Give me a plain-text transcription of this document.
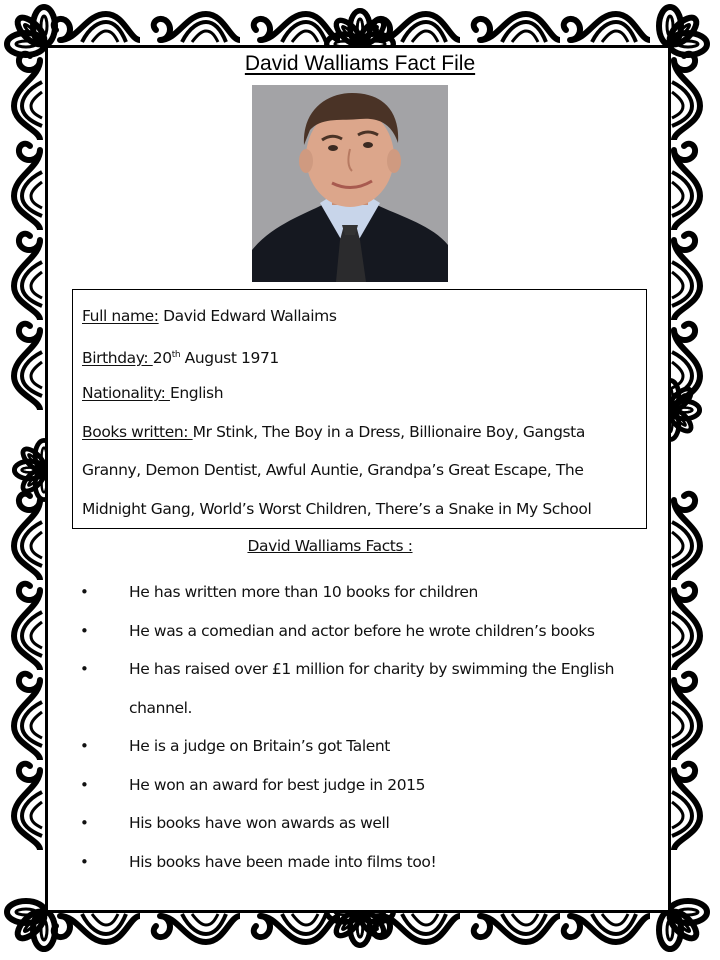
David Walliams Fact File
Full name: David Edward Wallaims
Birthday: 20th August 1971
Nationality: English
Books written: Mr Stink, The Boy in a Dress, Billionaire Boy, Gangsta
Granny, Demon Dentist, Awful Auntie, Grandpa’s Great Escape, The
Midnight Gang, World’s Worst Children, There’s a Snake in My School
David Walliams Facts :
•	He has written more than 10 books for children
•	He was a comedian and actor before he wrote children’s books
•	He has raised over £1 million for charity by swimming the English
channel.
•	He is a judge on Britain’s got Talent
•	He won an award for best judge in 2015
•	His books have won awards as well
•	His books have been made into films too!
